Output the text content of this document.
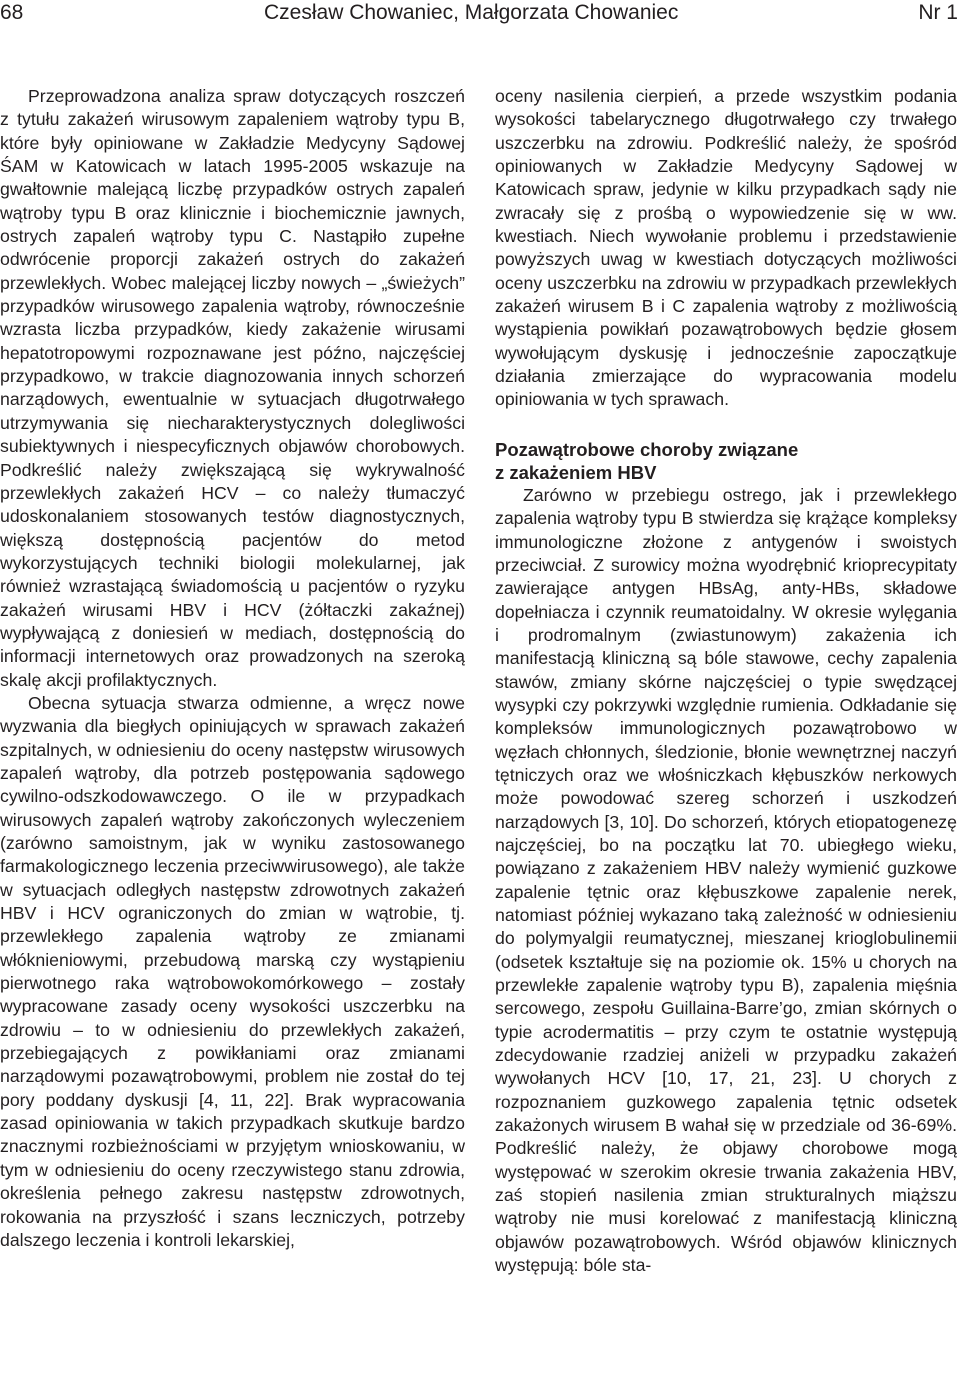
68	Czesław Chowaniec, Małgorzata Chowaniec	Nr 1

Przeprowadzona analiza spraw dotyczących roszczeń z tytułu zakażeń wirusowym zapaleniem wątroby typu B, które były opiniowane w Zakładzie Medycyny Sądowej ŚAM w Katowicach w latach 1995-2005 wskazuje na gwałtownie malejącą liczbę przypadków ostrych zapaleń wątroby typu B oraz klinicznie i biochemicznie jawnych, ostrych zapaleń wątroby typu C. Nastąpiło zupełne odwrócenie proporcji zakażeń ostrych do zakażeń przewlekłych. Wobec malejącej liczby nowych – „świeżych” przypadków wirusowego zapalenia wątroby, równocześnie wzrasta liczba przypadków, kiedy zakażenie wirusami hepatotropowymi rozpoznawane jest późno, najczęściej przypadkowo, w trakcie diagnozowania innych schorzeń narządowych, ewentualnie w sytuacjach długotrwałego utrzymywania się niecharakterystycznych dolegliwości subiektywnych i niespecyficznych objawów chorobowych. Podkreślić należy zwiększającą się wykrywalność przewlekłych zakażeń HCV – co należy tłumaczyć udoskonalaniem stosowanych testów diagnostycznych, większą dostępnością pacjentów do metod wykorzystujących techniki biologii molekularnej, jak również wzrastającą świadomością u pacjentów o ryzyku zakażeń wirusami HBV i HCV (żółtaczki zakaźnej) wypływającą z doniesień w mediach, dostępnością do informacji internetowych oraz prowadzonych na szeroką skalę akcji profilaktycznych.

Obecna sytuacja stwarza odmienne, a wręcz nowe wyzwania dla biegłych opiniujących w sprawach zakażeń szpitalnych, w odniesieniu do oceny następstw wirusowych zapaleń wątroby, dla potrzeb postępowania sądowego cywilno-odszkodowawczego. O ile w przypadkach wirusowych zapaleń wątroby zakończonych wyleczeniem (zarówno samoistnym, jak w wyniku zastosowanego farmakologicznego leczenia przeciwwirusowego), ale także w sytuacjach odległych następstw zdrowotnych zakażeń HBV i HCV ograniczonych do zmian w wątrobie, tj. przewlekłego zapalenia wątroby ze zmianami włóknieniowymi, przebudową marską czy wystąpieniu pierwotnego raka wątrobowokomórkowego – zostały wypracowane zasady oceny wysokości uszczerbku na zdrowiu – to w odniesieniu do przewlekłych zakażeń, przebiegających z powikłaniami oraz zmianami narządowymi pozawątrobowymi, problem nie został do tej pory poddany dyskusji [4, 11, 22]. Brak wypracowania zasad opiniowania w takich przypadkach skutkuje bardzo znacznymi rozbieżnościami w przyjętym wnioskowaniu, w tym w odniesieniu do oceny rzeczywistego stanu zdrowia, określenia pełnego zakresu następstw zdrowotnych, rokowania na przyszłość i szans leczniczych, potrzeby dalszego leczenia i kontroli lekarskiej,

oceny nasilenia cierpień, a przede wszystkim podania wysokości tabelarycznego długotrwałego czy trwałego uszczerbku na zdrowiu. Podkreślić należy, że spośród opiniowanych w Zakładzie Medycyny Sądowej w Katowicach spraw, jedynie w kilku przypadkach sądy nie zwracały się z prośbą o wypowiedzenie się w ww. kwestiach. Niech wywołanie problemu i przedstawienie powyższych uwag w kwestiach dotyczących możliwości oceny uszczerbku na zdrowiu w przypadkach przewlekłych zakażeń wirusem B i C zapalenia wątroby z możliwością wystąpienia powikłań pozawątrobowych będzie głosem wywołującym dyskusję i jednocześnie zapoczątkuje działania zmierzające do wypracowania modelu opiniowania w tych sprawach.

Pozawątrobowe choroby związane
z zakażeniem HBV

Zarówno w przebiegu ostrego, jak i przewlekłego zapalenia wątroby typu B stwierdza się krążące kompleksy immunologiczne złożone z antygenów i swoistych przeciwciał. Z surowicy można wyodrębnić krioprecypitaty zawierające antygen HBsAg, anty-HBs, składowe dopełniacza i czynnik reumatoidalny. W okresie wylęgania i prodromalnym (zwiastunowym) zakażenia ich manifestacją kliniczną są bóle stawowe, cechy zapalenia stawów, zmiany skórne najczęściej o typie swędzącej wysypki czy pokrzywki względnie rumienia. Odkładanie się kompleksów immunologicznych pozawątrobowo w węzłach chłonnych, śledzionie, błonie wewnętrznej naczyń tętniczych oraz we włośniczkach kłębuszków nerkowych może powodować szereg schorzeń i uszkodzeń narządowych [3, 10]. Do schorzeń, których etiopatogenezę najczęściej, bo na początku lat 70. ubiegłego wieku, powiązano z zakażeniem HBV należy wymienić guzkowe zapalenie tętnic oraz kłębuszkowe zapalenie nerek, natomiast później wykazano taką zależność w odniesieniu do polymyalgii reumatycznej, mieszanej krioglobulinemii (odsetek kształtuje się na poziomie ok. 15% u chorych na przewlekłe zapalenie wątroby typu B), zapalenia mięśnia sercowego, zespołu Guillaina-Barre’go, zmian skórnych o typie acrodermatitis – przy czym te ostatnie występują zdecydowanie rzadziej aniżeli w przypadku zakażeń wywołanych HCV [10, 17, 21, 23]. U chorych z rozpoznaniem guzkowego zapalenia tętnic odsetek zakażonych wirusem B wahał się w przedziale od 36-69%. Podkreślić należy, że objawy chorobowe mogą występować w szerokim okresie trwania zakażenia HBV, zaś stopień nasilenia zmian strukturalnych miąższu wątroby nie musi korelować z manifestacją kliniczną objawów pozawątrobowych. Wśród objawów klinicznych występują: bóle sta-
